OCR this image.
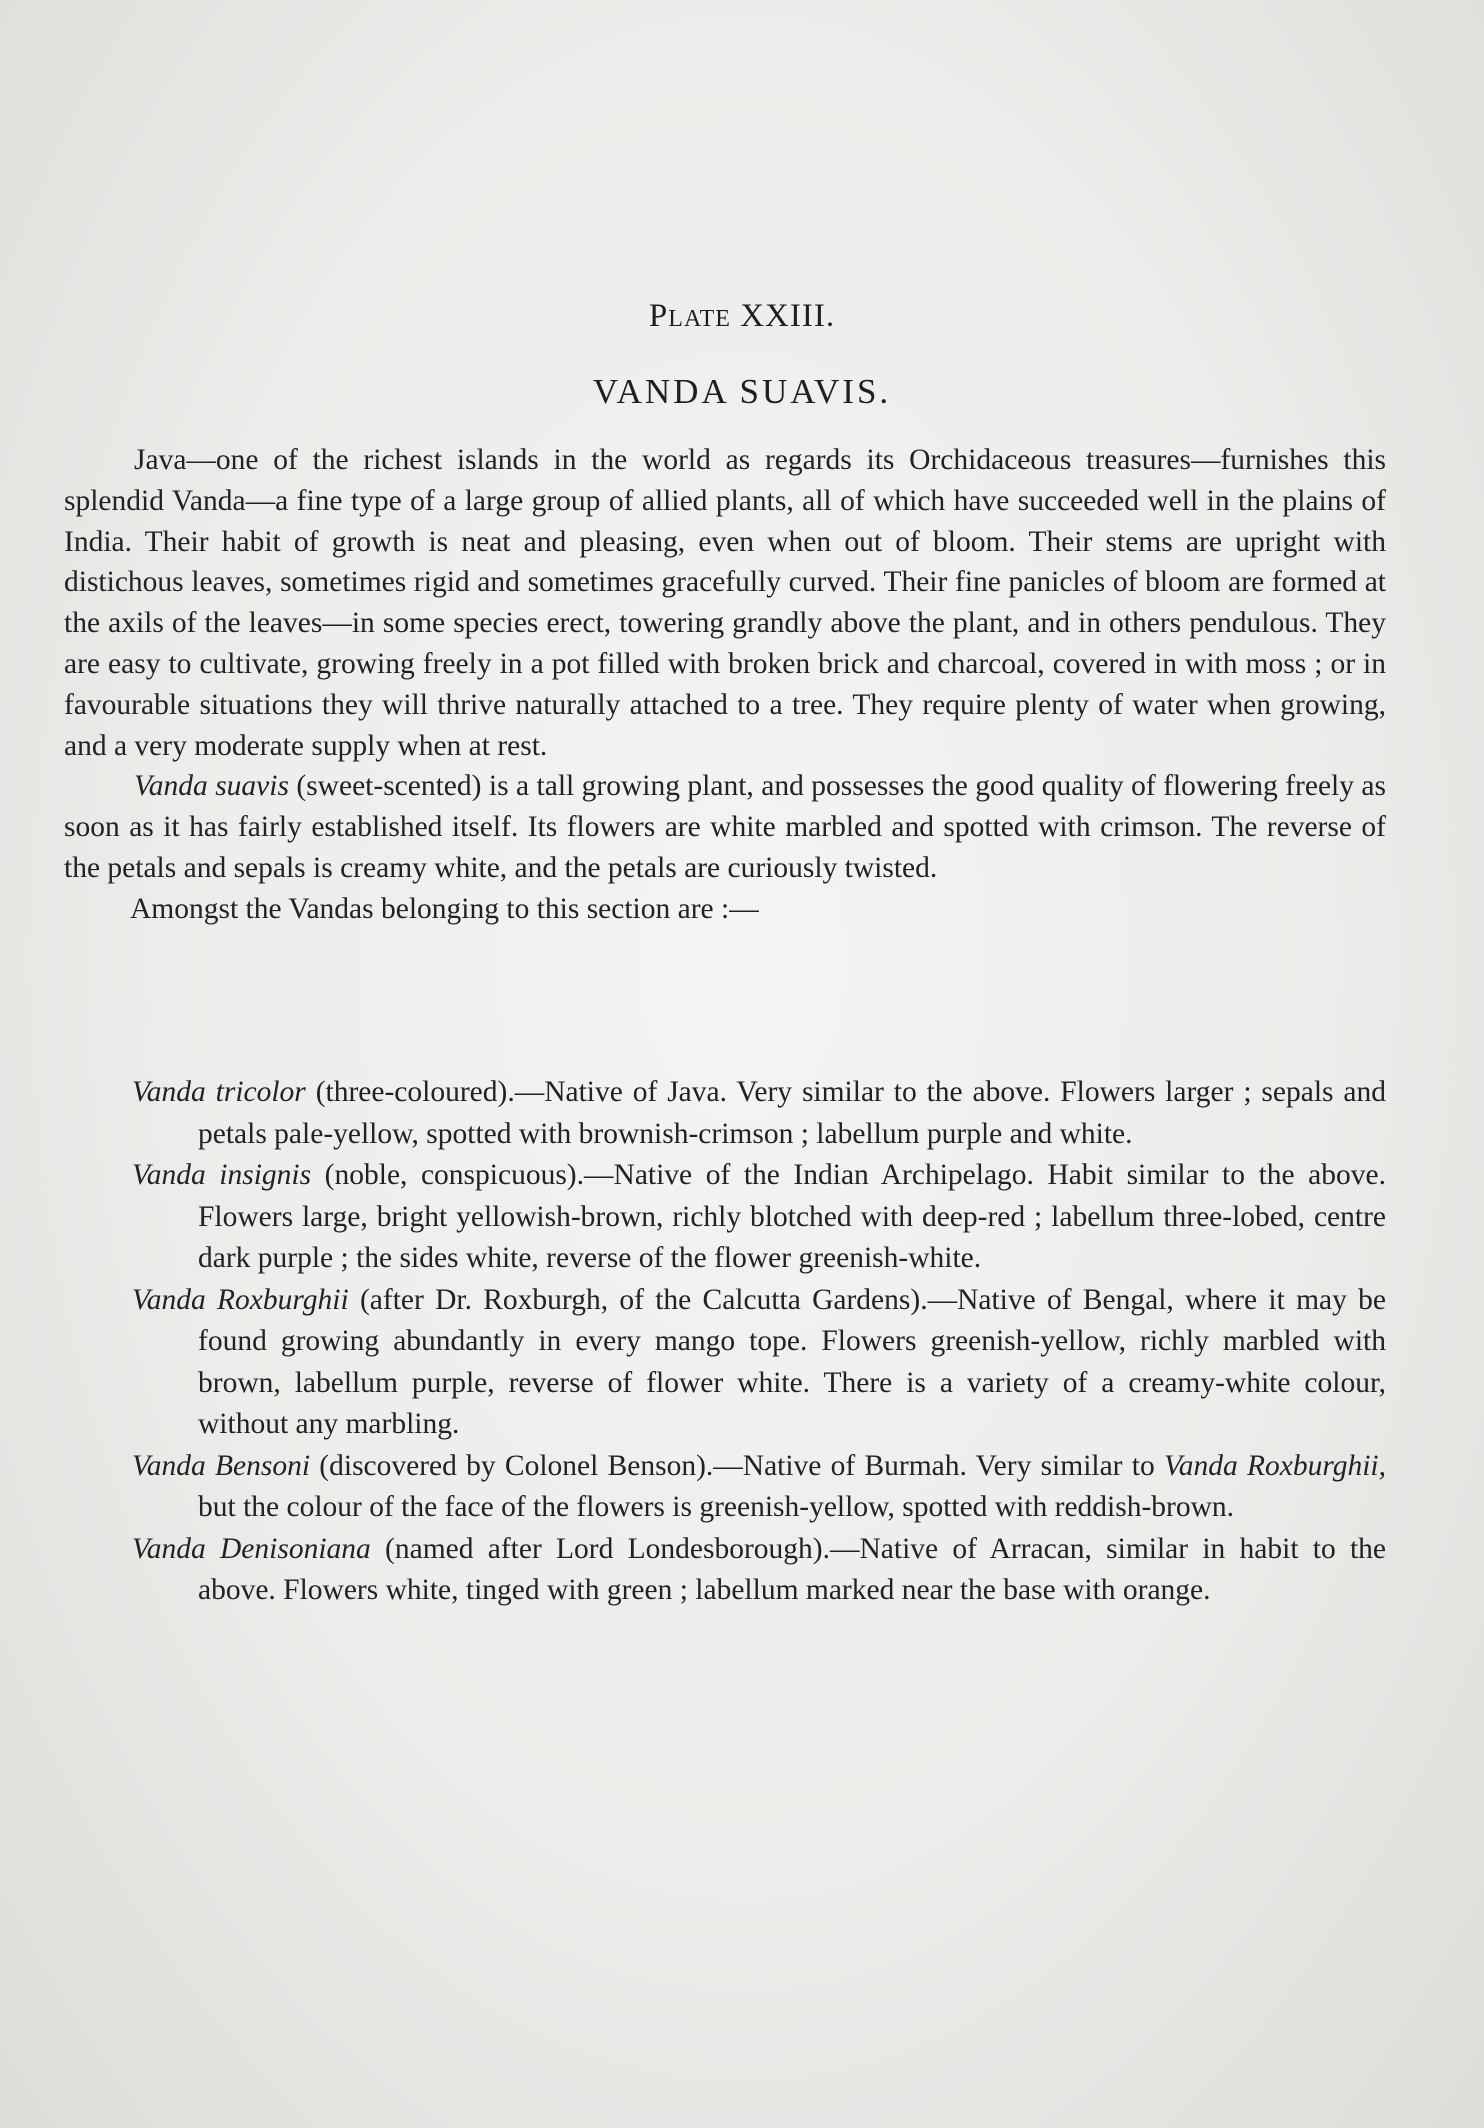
PLATE XXIII.
VANDA SUAVIS.

Java—one of the richest islands in the world as regards its Orchidaceous treasures—furnishes this splendid Vanda—a fine type of a large group of allied plants, all of which have succeeded well in the plains of India. Their habit of growth is neat and pleasing, even when out of bloom. Their stems are upright with distichous leaves, sometimes rigid and sometimes gracefully curved. Their fine panicles of bloom are formed at the axils of the leaves—in some species erect, towering grandly above the plant, and in others pendulous. They are easy to cultivate, growing freely in a pot filled with broken brick and charcoal, covered in with moss ; or in favourable situations they will thrive naturally attached to a tree. They require plenty of water when growing, and a very moderate supply when at rest.

Vanda suavis (sweet-scented) is a tall growing plant, and possesses the good quality of flowering freely as soon as it has fairly established itself. Its flowers are white marbled and spotted with crimson. The reverse of the petals and sepals is creamy white, and the petals are curiously twisted.

Amongst the Vandas belonging to this section are :—

Vanda tricolor (three-coloured).—Native of Java. Very similar to the above. Flowers larger ; sepals and petals pale-yellow, spotted with brownish-crimson ; labellum purple and white.

Vanda insignis (noble, conspicuous).—Native of the Indian Archipelago. Habit similar to the above. Flowers large, bright yellowish-brown, richly blotched with deep-red ; labellum three-lobed, centre dark purple ; the sides white, reverse of the flower greenish-white.

Vanda Roxburghii (after Dr. Roxburgh, of the Calcutta Gardens).—Native of Bengal, where it may be found growing abundantly in every mango tope. Flowers greenish-yellow, richly marbled with brown, labellum purple, reverse of flower white. There is a variety of a creamy-white colour, without any marbling.

Vanda Bensoni (discovered by Colonel Benson).—Native of Burmah. Very similar to Vanda Roxburghii, but the colour of the face of the flowers is greenish-yellow, spotted with reddish-brown.

Vanda Denisoniana (named after Lord Londesborough).—Native of Arracan, similar in habit to the above. Flowers white, tinged with green ; labellum marked near the base with orange.
